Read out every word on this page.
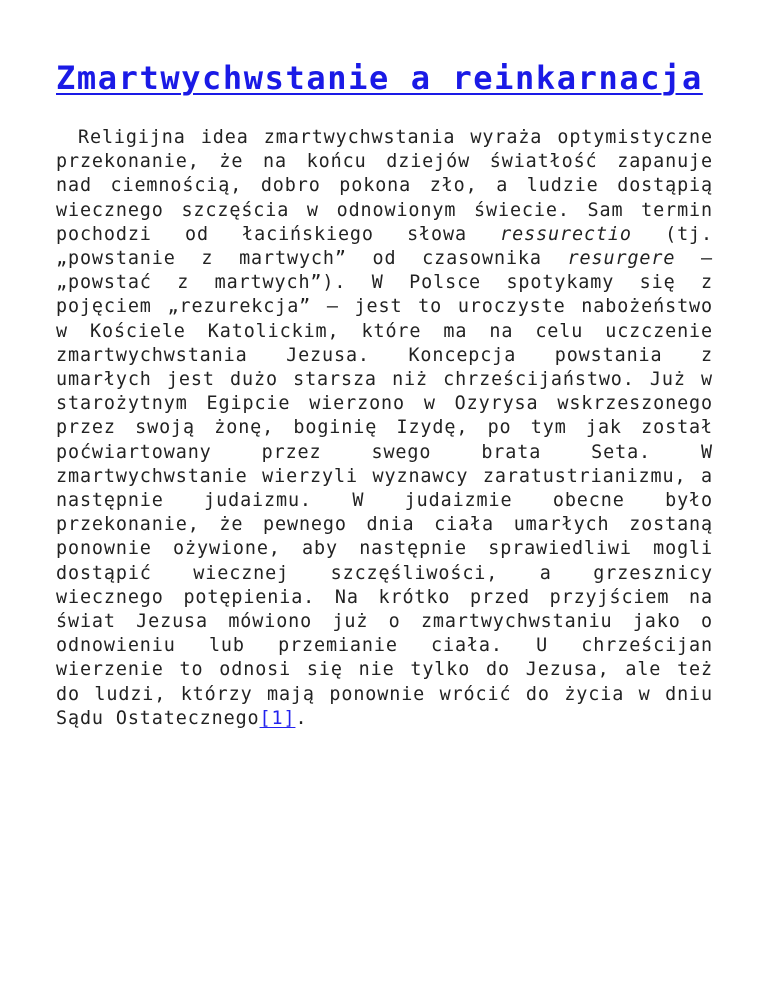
Zmartwychwstanie a reinkarnacja

Religijna idea zmartwychwstania wyraża optymistyczne przekonanie, że na końcu dziejów światłość zapanuje nad ciemnością, dobro pokona zło, a ludzie dostąpią wiecznego szczęścia w odnowionym świecie. Sam termin pochodzi od łacińskiego słowa ressurectio (tj. „powstanie z martwych” od czasownika resurgere – „powstać z martwych”). W Polsce spotykamy się z pojęciem „rezurekcja” – jest to uroczyste nabożeństwo w Kościele Katolickim, które ma na celu uczczenie zmartwychwstania Jezusa. Koncepcja powstania z umarłych jest dużo starsza niż chrześcijaństwo. Już w starożytnym Egipcie wierzono w Ozyrysa wskrzeszonego przez swoją żonę, boginię Izydę, po tym jak został poćwiartowany przez swego brata Seta. W zmartwychwstanie wierzyli wyznawcy zaratustrianizmu, a następnie judaizmu. W judaizmie obecne było przekonanie, że pewnego dnia ciała umarłych zostaną ponownie ożywione, aby następnie sprawiedliwi mogli dostąpić wiecznej szczęśliwości, a grzesznicy wiecznego potępienia. Na krótko przed przyjściem na świat Jezusa mówiono już o zmartwychwstaniu jako o odnowieniu lub przemianie ciała. U chrześcijan wierzenie to odnosi się nie tylko do Jezusa, ale też do ludzi, którzy mają ponownie wrócić do życia w dniu Sądu Ostatecznego[1].
